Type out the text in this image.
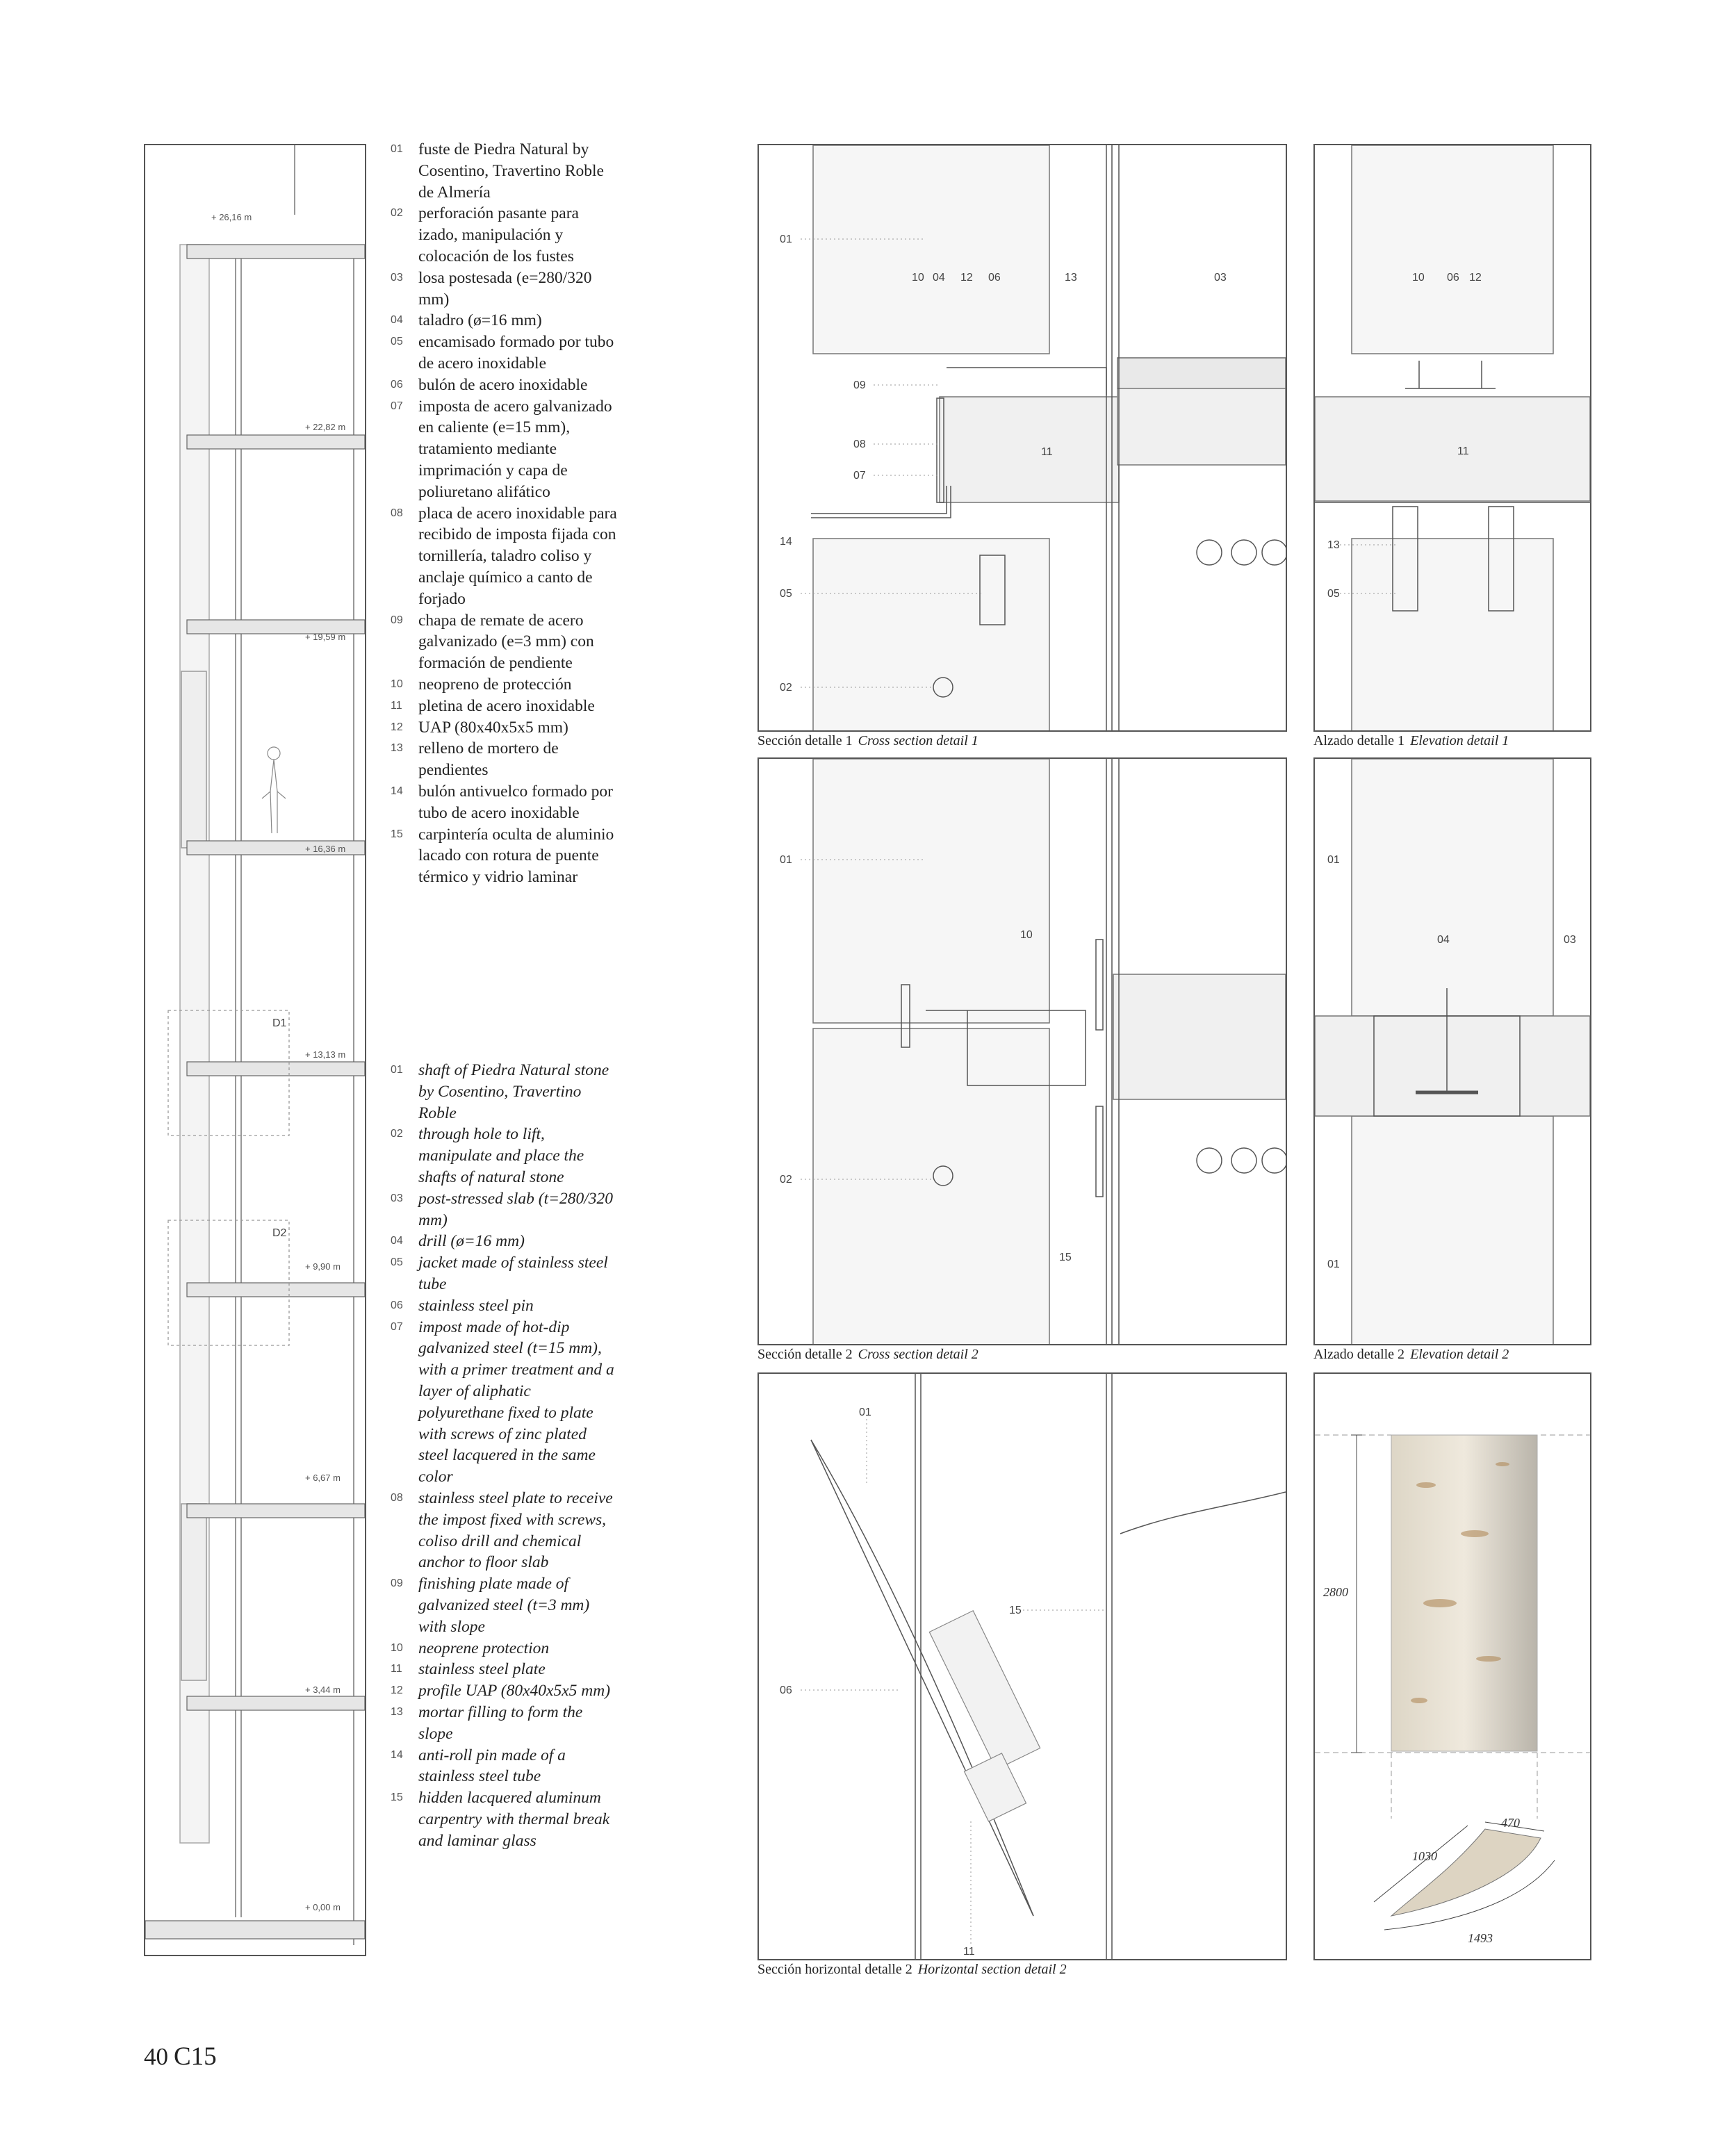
+ 26,16 m
+ 22,82 m
+ 19,59 m
+ 16,36 m
+ 13,13 m
+ 9,90 m
+ 6,67 m
+ 3,44 m
+ 0,00 m
D1
D2
01 fuste de Piedra Natural by Cosentino, Travertino Roble de Almería
02 perforación pasante para izado, manipulación y colocación de los fustes
03 losa postesada (e=280/320 mm)
04 taladro (ø=16 mm)
05 encamisado formado por tubo de acero inoxidable
06 bulón de acero inoxidable
07 imposta de acero galvanizado en caliente (e=15 mm), tratamiento mediante imprimación y capa de poliuretano alifático
08 placa de acero inoxidable para recibido de imposta fijada con tornillería, taladro coliso y anclaje químico a canto de forjado
09 chapa de remate de acero galvanizado (e=3 mm) con formación de pendiente
10 neopreno de protección
11 pletina de acero inoxidable
12 UAP (80x40x5x5 mm)
13 relleno de mortero de pendientes
14 bulón antivuelco formado por tubo de acero inoxidable
15 carpintería oculta de aluminio lacado con rotura de puente térmico y vidrio laminar
01 shaft of Piedra Natural stone by Cosentino, Travertino Roble
02 through hole to lift, manipulate and place the shafts of natural stone
03 post-stressed slab (t=280/320 mm)
04 drill (ø=16 mm)
05 jacket made of stainless steel tube
06 stainless steel pin
07 impost made of hot-dip galvanized steel (t=15 mm), with a primer treatment and a layer of aliphatic polyurethane fixed to plate with screws of zinc plated steel lacquered in the same color
08 stainless steel plate to receive the impost fixed with screws, coliso drill and chemical anchor to floor slab
09 finishing plate made of galvanized steel (t=3 mm) with slope
10 neoprene protection
11 stainless steel plate
12 profile UAP (80x40x5x5 mm)
13 mortar filling to form the slope
14 anti-roll pin made of a stainless steel tube
15 hidden lacquered aluminum carpentry with thermal break and laminar glass
01
09
08
07
14
05
02
10 04 12 06	13	03
11
Sección detalle 1 Cross section detail 1
10 06 12
13
05
11
Alzado detalle 1 Elevation detail 1
01
02
10
15
Sección detalle 2 Cross section detail 2
01
04	03
01
Alzado detalle 2 Elevation detail 2
01
15
06
11
Sección horizontal detalle 2 Horizontal section detail 2
2800
470
1030
1493
40 C15
